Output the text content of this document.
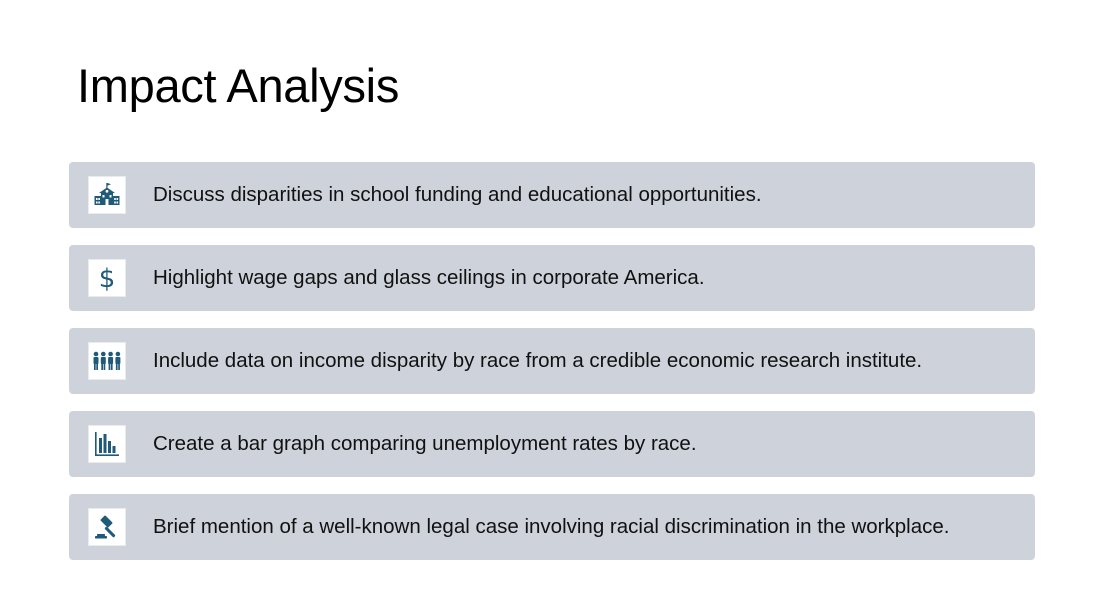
Impact Analysis
Discuss disparities in school funding and educational opportunities.
$ Highlight wage gaps and glass ceilings in corporate America.
Include data on income disparity by race from a credible economic research institute.
Create a bar graph comparing unemployment rates by race.
Brief mention of a well-known legal case involving racial discrimination in the workplace.
